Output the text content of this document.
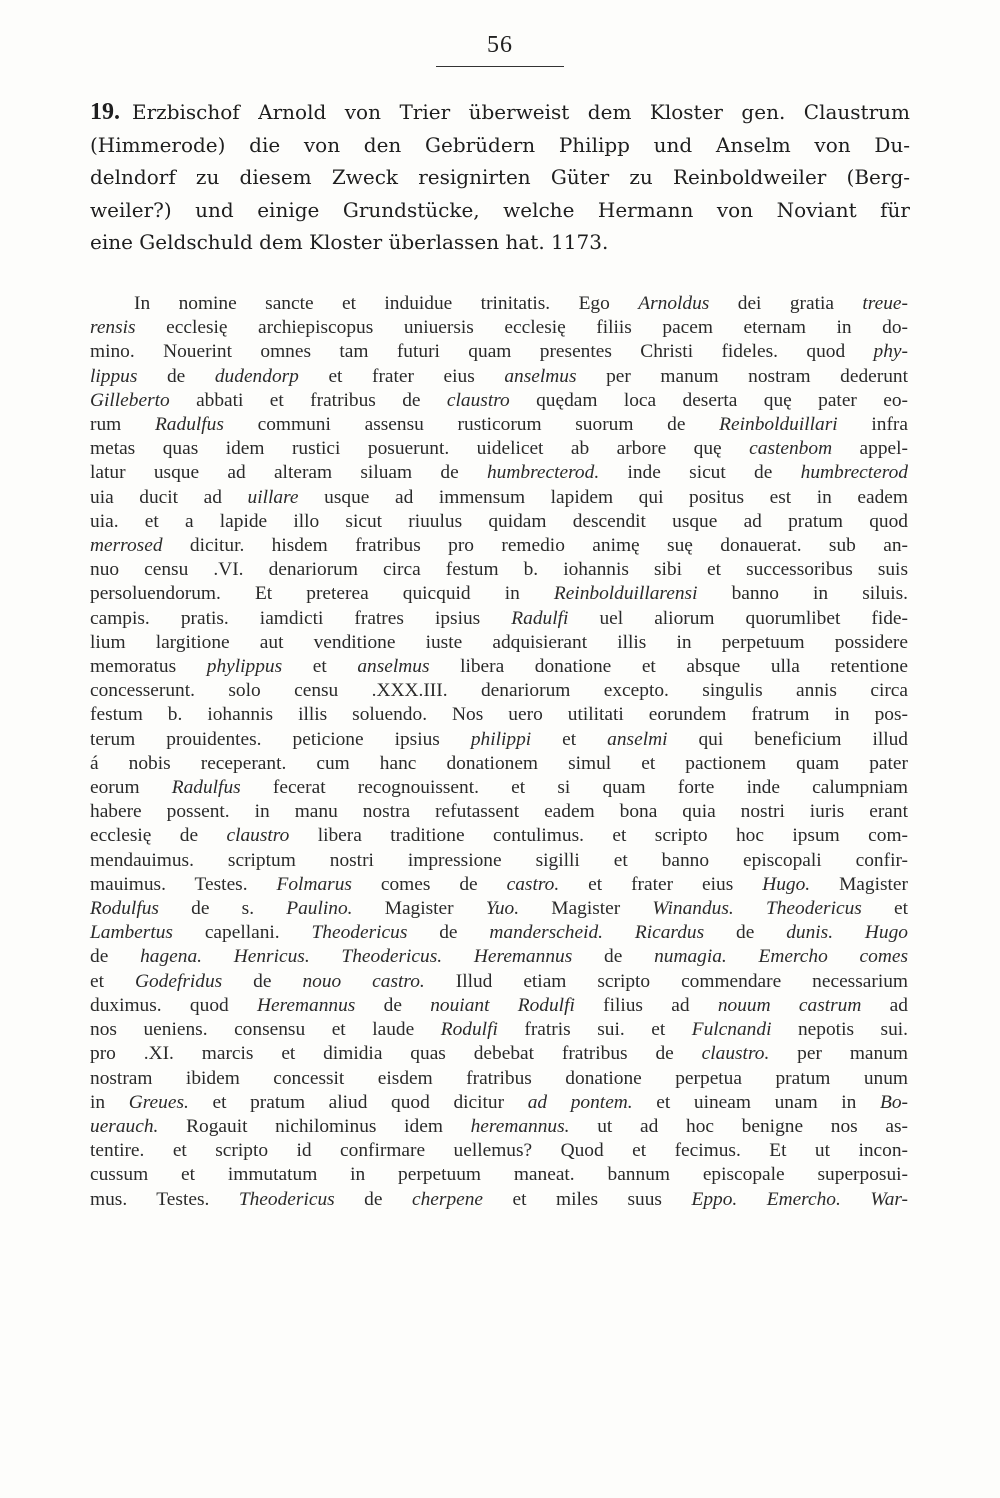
56
19. Erzbischof Arnold von Trier überweist dem Kloster gen. Claustrum
(Himmerode) die von den Gebrüdern Philipp und Anselm von Du-
delndorf zu diesem Zweck resignirten Güter zu Reinboldweiler (Berg-
weiler?) und einige Grundstücke, welche Hermann von Noviant für
eine Geldschuld dem Kloster überlassen hat. 1173.
In nomine sancte et induidue trinitatis. Ego Arnoldus dei gratia treue-
rensis ecclesię archiepiscopus uniuersis ecclesię filiis pacem eternam in do-
mino. Nouerint omnes tam futuri quam presentes Christi fideles. quod phy-
lippus de dudendorp et frater eius anselmus per manum nostram dederunt
Gilleberto abbati et fratribus de claustro quędam loca deserta quę pater eo-
rum Radulfus communi assensu rusticorum suorum de Reinbolduillari infra
metas quas idem rustici posuerunt. uidelicet ab arbore quę castenbom appel-
latur usque ad alteram siluam de humbrecterod. inde sicut de humbrecterod
uia ducit ad uillare usque ad immensum lapidem qui positus est in eadem
uia. et a lapide illo sicut riuulus quidam descendit usque ad pratum quod
merrosed dicitur. hisdem fratribus pro remedio animę suę donauerat. sub an-
nuo censu .VI. denariorum circa festum b. iohannis sibi et successoribus suis
persoluendorum. Et preterea quicquid in Reinbolduillarensi banno in siluis.
campis. pratis. iamdicti fratres ipsius Radulfi uel aliorum quorumlibet fide-
lium largitione aut venditione iuste adquisierant illis in perpetuum possidere
memoratus phylippus et anselmus libera donatione et absque ulla retentione
concesserunt. solo censu .XXX.III. denariorum excepto. singulis annis circa
festum b. iohannis illis soluendo. Nos uero utilitati eorundem fratrum in pos-
terum prouidentes. peticione ipsius philippi et anselmi qui beneficium illud
á nobis receperant. cum hanc donationem simul et pactionem quam pater
eorum Radulfus fecerat recognouissent. et si quam forte inde calumpniam
habere possent. in manu nostra refutassent eadem bona quia nostri iuris erant
ecclesię de claustro libera traditione contulimus. et scripto hoc ipsum com-
mendauimus. scriptum nostri impressione sigilli et banno episcopali confir-
mauimus. Testes. Folmarus comes de castro. et frater eius Hugo. Magister
Rodulfus de s. Paulino. Magister Yuo. Magister Winandus. Theodericus et
Lambertus capellani. Theodericus de manderscheid. Ricardus de dunis. Hugo
de hagena. Henricus. Theodericus. Heremannus de numagia. Emercho comes
et Godefridus de nouo castro. Illud etiam scripto commendare necessarium
duximus. quod Heremannus de nouiant Rodulfi filius ad nouum castrum ad
nos ueniens. consensu et laude Rodulfi fratris sui. et Fulcnandi nepotis sui.
pro .XI. marcis et dimidia quas debebat fratribus de claustro. per manum
nostram ibidem concessit eisdem fratribus donatione perpetua pratum unum
in Greues. et pratum aliud quod dicitur ad pontem. et uineam unam in Bo-
uerauch. Rogauit nichilominus idem heremannus. ut ad hoc benigne nos as-
tentire. et scripto id confirmare uellemus? Quod et fecimus. Et ut incon-
cussum et immutatum in perpetuum maneat. bannum episcopale superposui-
mus. Testes. Theodericus de cherpene et miles suus Eppo. Emercho. War-
